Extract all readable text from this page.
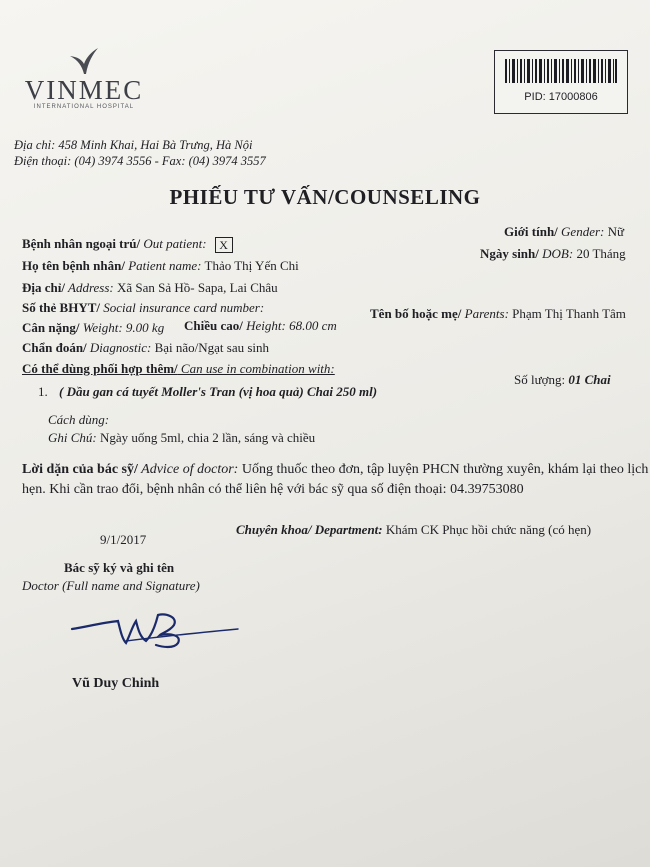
VINMEC
INTERNATIONAL HOSPITAL
PID: 17000806
Địa chỉ: 458 Minh Khai, Hai Bà Trưng, Hà Nội
Điện thoại: (04) 3974 3556 - Fax: (04) 3974 3557
PHIẾU TƯ VẤN/COUNSELING
Bệnh nhân ngoại trú/ Out patient: X
Giới tính/ Gender: Nữ
Họ tên bệnh nhân/ Patient name: Thảo Thị Yến Chi
Ngày sinh/ DOB: 20 Tháng
Địa chỉ/ Address: Xã San Sả Hồ- Sapa, Lai Châu
Số thẻ BHYT/ Social insurance card number:
Cân nặng/ Weight: 9.00 kg Chiều cao/ Height: 68.00 cm
Tên bố hoặc mẹ/ Parents: Phạm Thị Thanh Tâm
Chẩn đoán/ Diagnostic: Bại não/Ngạt sau sinh
Có thể dùng phối hợp thêm/ Can use in combination with:
1. ( Dầu gan cá tuyết Moller's Tran (vị hoa quả) Chai 250 ml)
Số lượng: 01 Chai
Cách dùng:
Ghi Chú: Ngày uống 5ml, chia 2 lần, sáng và chiều
Lời dặn của bác sỹ/ Advice of doctor: Uống thuốc theo đơn, tập luyện PHCN thường xuyên, khám lại theo lịch
hẹn. Khi cần trao đổi, bệnh nhân có thể liên hệ với bác sỹ qua số điện thoại: 04.39753080
9/1/2017
Chuyên khoa/ Department: Khám CK Phục hồi chức năng (có hẹn)
Bác sỹ ký và ghi tên
Doctor (Full name and Signature)
Vũ Duy Chinh
